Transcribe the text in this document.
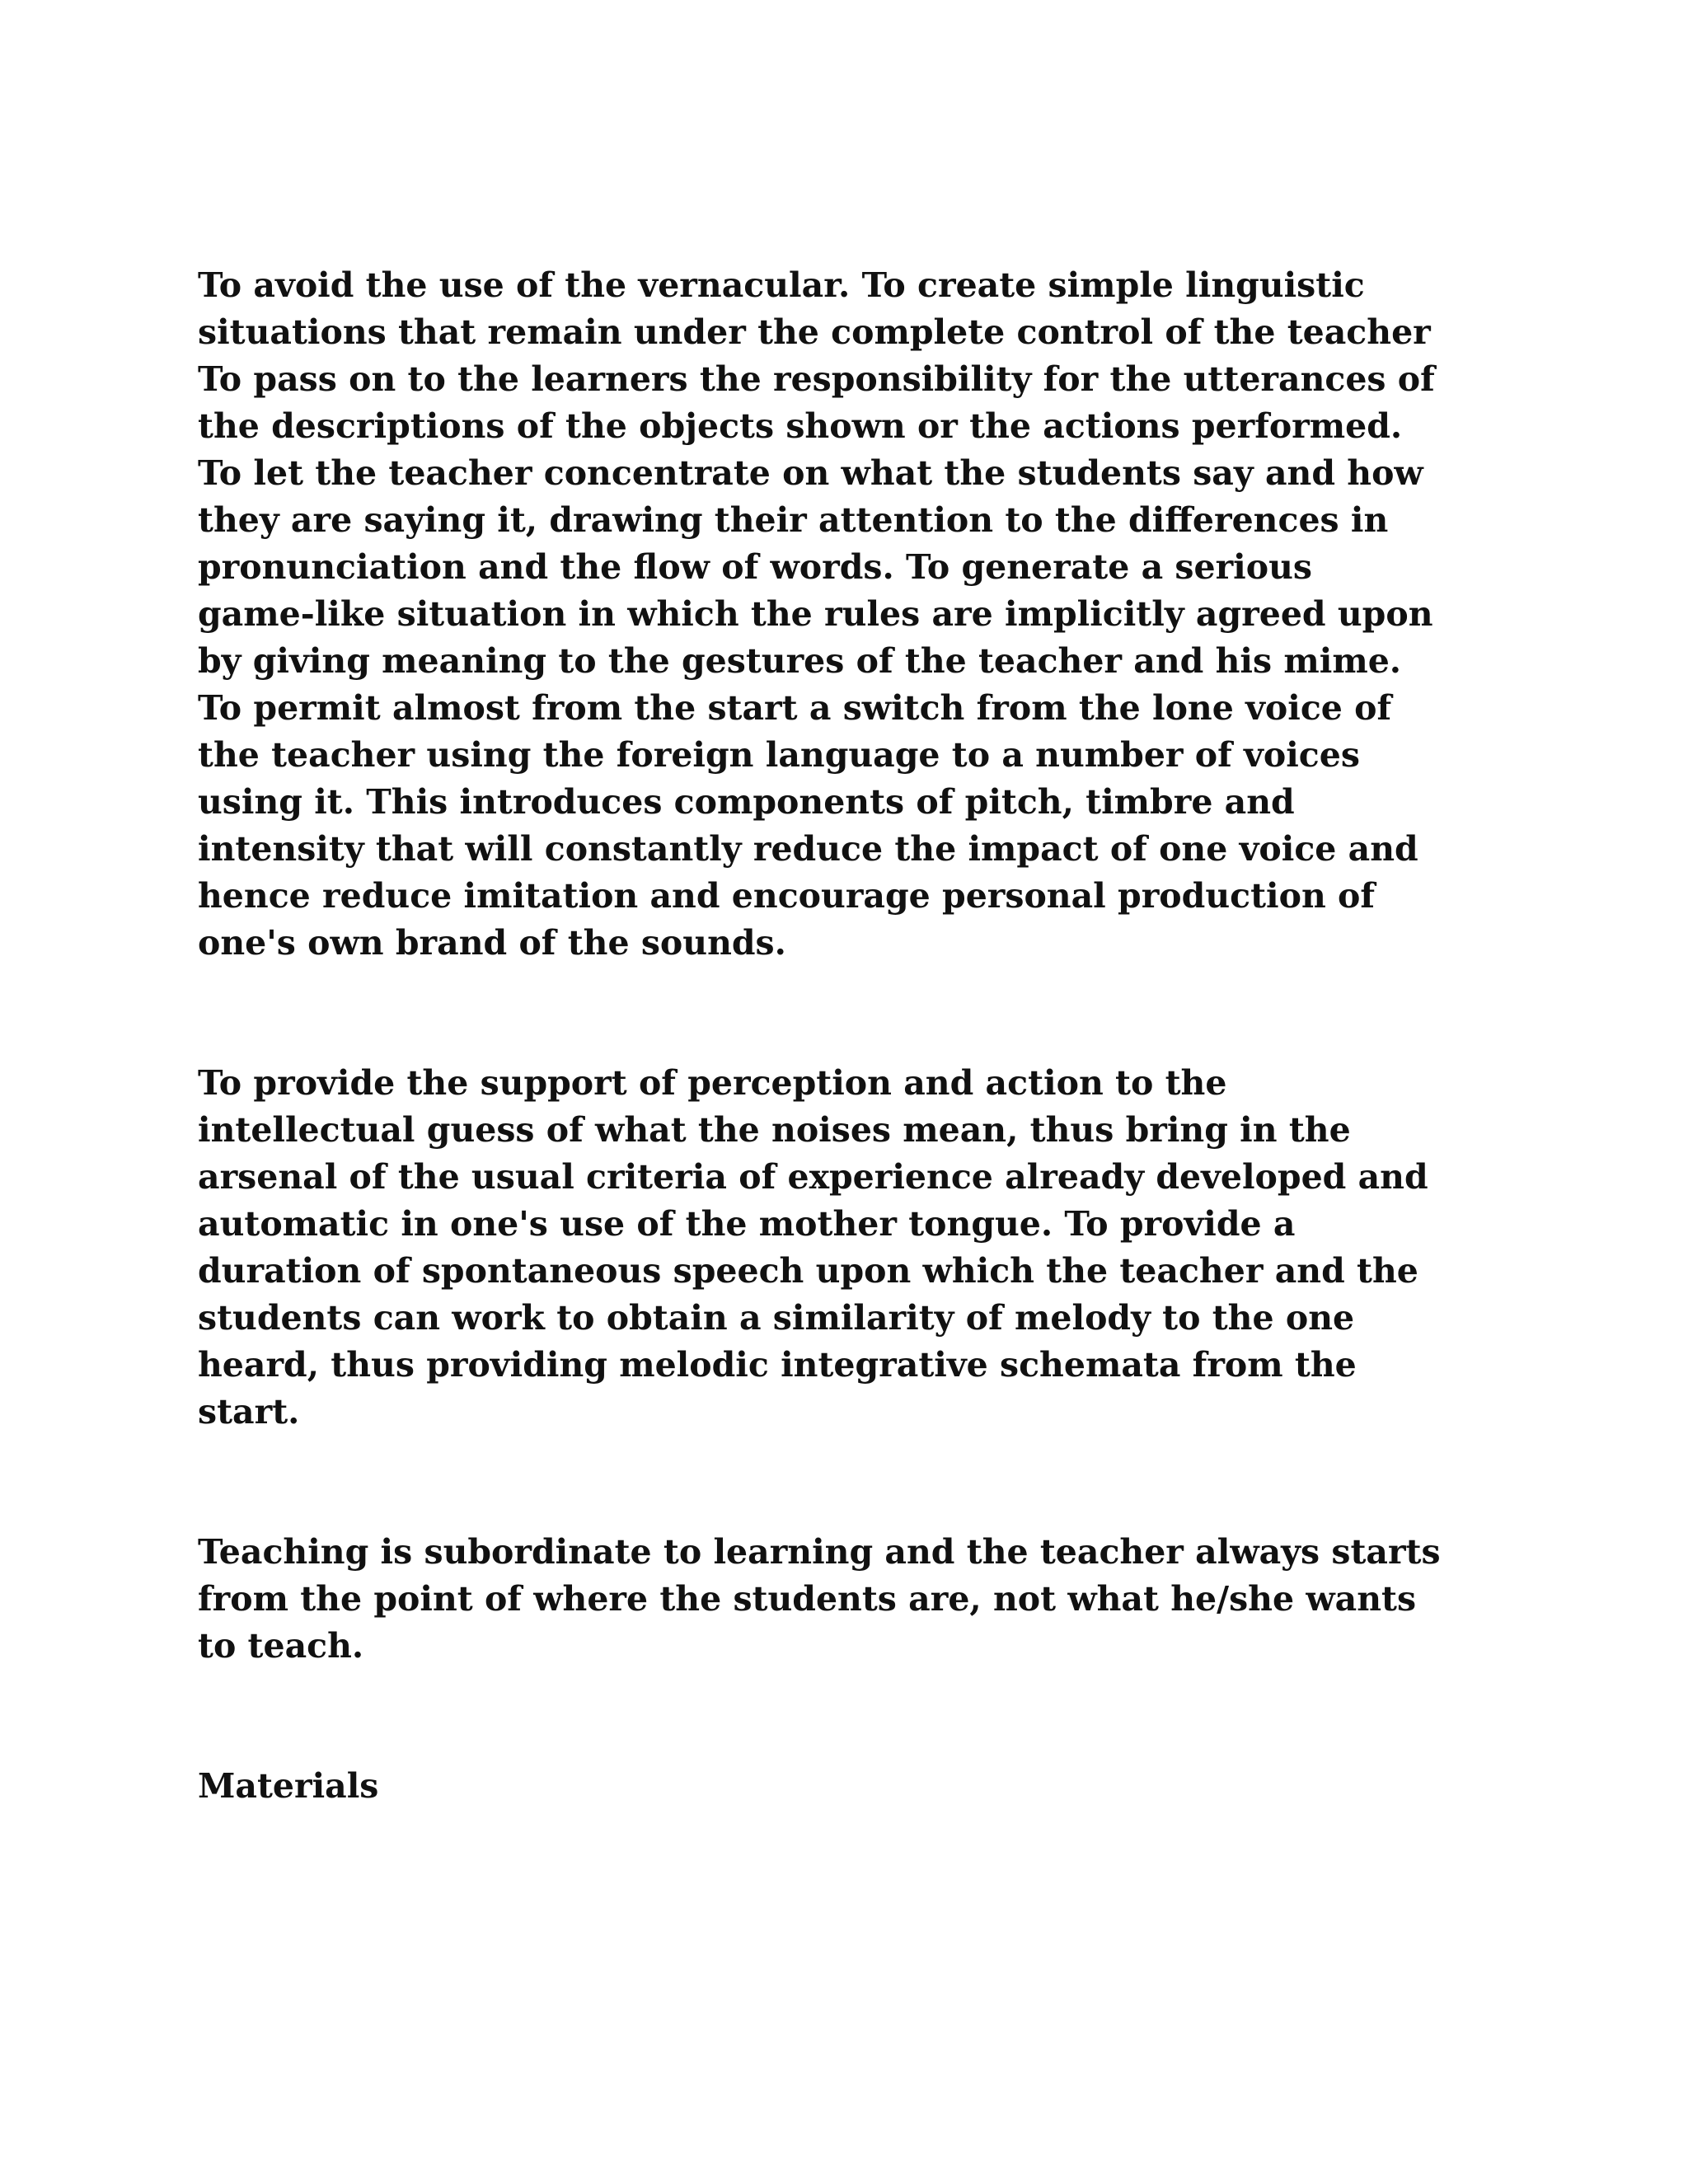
To avoid the use of the vernacular. To create simple linguistic
situations that remain under the complete control of the teacher
To pass on to the learners the responsibility for the utterances of
the descriptions of the objects shown or the actions performed.
To let the teacher concentrate on what the students say and how
they are saying it, drawing their attention to the differences in
pronunciation and the flow of words. To generate a serious
game-like situation in which the rules are implicitly agreed upon
by giving meaning to the gestures of the teacher and his mime.
To permit almost from the start a switch from the lone voice of
the teacher using the foreign language to a number of voices
using it. This introduces components of pitch, timbre and
intensity that will constantly reduce the impact of one voice and
hence reduce imitation and encourage personal production of
one's own brand of the sounds.

To provide the support of perception and action to the
intellectual guess of what the noises mean, thus bring in the
arsenal of the usual criteria of experience already developed and
automatic in one's use of the mother tongue. To provide a
duration of spontaneous speech upon which the teacher and the
students can work to obtain a similarity of melody to the one
heard, thus providing melodic integrative schemata from the
start.

Teaching is subordinate to learning and the teacher always starts
from the point of where the students are, not what he/she wants
to teach.

Materials
